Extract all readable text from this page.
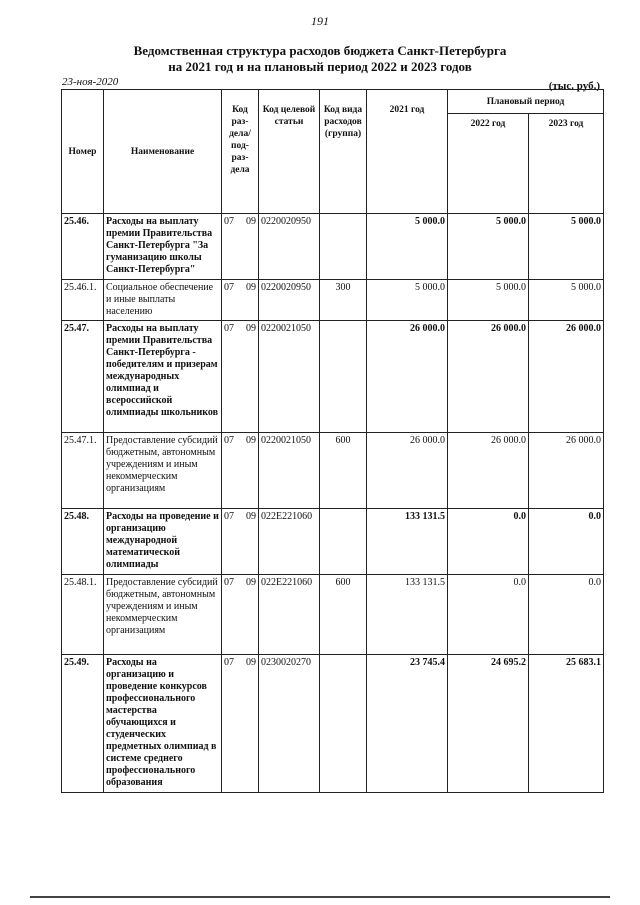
191
Ведомственная структура расходов бюджета Санкт-Петербурга
на 2021 год и на плановый период 2022 и 2023 годов
23-ноя-2020	(тыс. руб.)
Номер	Наименование	Код раз-дела/ под-раз-дела	Код целевой статьи	Код вида расходов (группа)	2021 год	Плановый период	
						2022 год	2023 год
25.46.	Расходы на выплату премии Правительства Санкт-Петербурга "За гуманизацию школы Санкт-Петербурга"	07 09	0220020950		5 000.0	5 000.0	5 000.0
25.46.1.	Социальное обеспечение и иные выплаты населению	07 09	0220020950	300	5 000.0	5 000.0	5 000.0
25.47.	Расходы на выплату премии Правительства Санкт-Петербурга - победителям и призерам международных олимпиад и всероссийской олимпиады школьников	07 09	0220021050		26 000.0	26 000.0	26 000.0
25.47.1.	Предоставление субсидий бюджетным, автономным учреждениям и иным некоммерческим организациям	07 09	0220021050	600	26 000.0	26 000.0	26 000.0
25.48.	Расходы на проведение и организацию международной математической олимпиады	07 09	022Е221060		133 131.5	0.0	0.0
25.48.1.	Предоставление субсидий бюджетным, автономным учреждениям и иным некоммерческим организациям	07 09	022Е221060	600	133 131.5	0.0	0.0
25.49.	Расходы на организацию и проведение конкурсов профессионального мастерства обучающихся и студенческих предметных олимпиад в системе среднего профессионального образования	07 09	0230020270		23 745.4	24 695.2	25 683.1
